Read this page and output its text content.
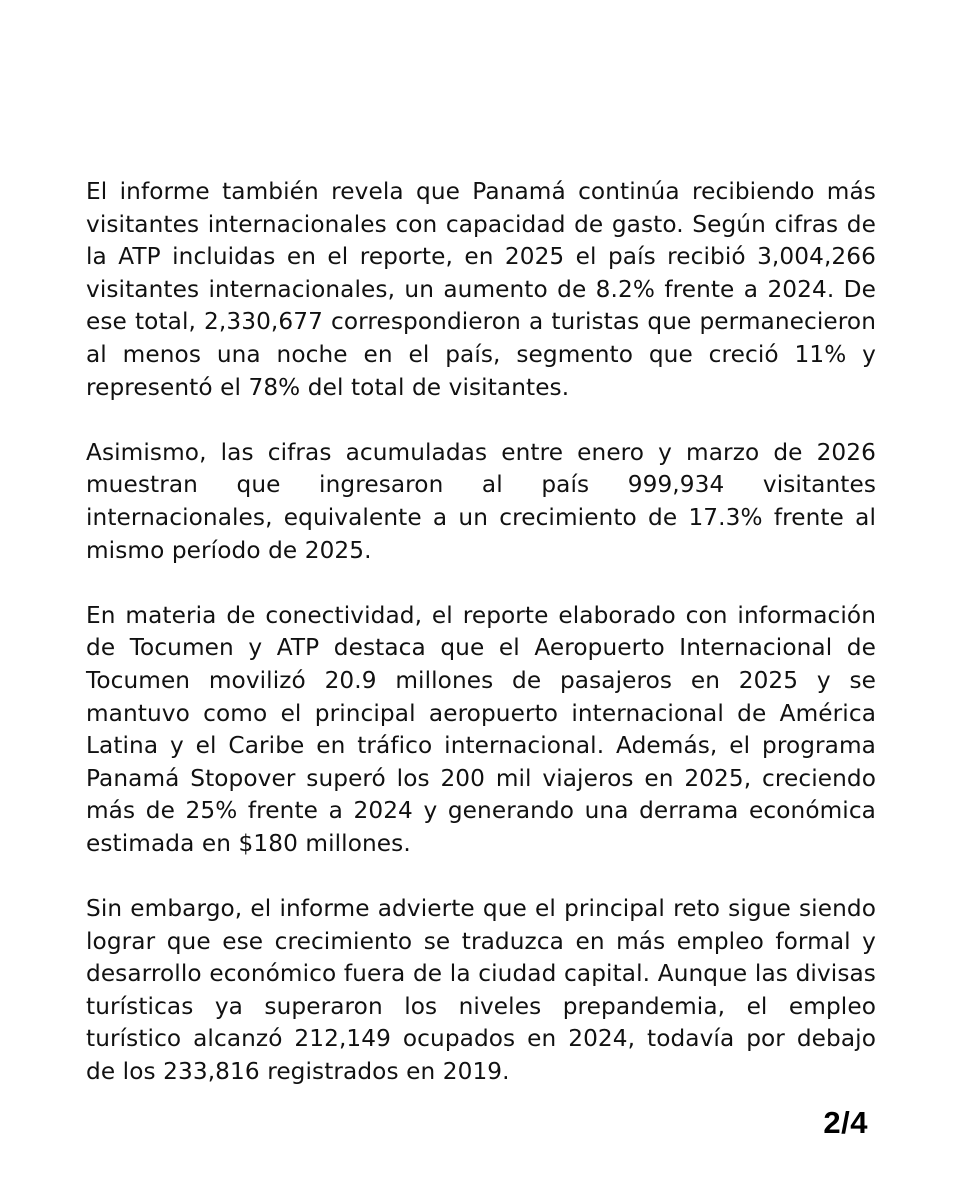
El informe también revela que Panamá continúa recibiendo más visitantes internacionales con capacidad de gasto. Según cifras de la ATP incluidas en el reporte, en 2025 el país recibió 3,004,266 visitantes internacionales, un aumento de 8.2% frente a 2024. De ese total, 2,330,677 correspondieron a turistas que permanecieron al menos una noche en el país, segmento que creció 11% y representó el 78% del total de visitantes.

Asimismo, las cifras acumuladas entre enero y marzo de 2026 muestran que ingresaron al país 999,934 visitantes internacionales, equivalente a un crecimiento de 17.3% frente al mismo período de 2025.

En materia de conectividad, el reporte elaborado con información de Tocumen y ATP destaca que el Aeropuerto Internacional de Tocumen movilizó 20.9 millones de pasajeros en 2025 y se mantuvo como el principal aeropuerto internacional de América Latina y el Caribe en tráfico internacional. Además, el programa Panamá Stopover superó los 200 mil viajeros en 2025, creciendo más de 25% frente a 2024 y generando una derrama económica estimada en $180 millones.

Sin embargo, el informe advierte que el principal reto sigue siendo lograr que ese crecimiento se traduzca en más empleo formal y desarrollo económico fuera de la ciudad capital. Aunque las divisas turísticas ya superaron los niveles prepandemia, el empleo turístico alcanzó 212,149 ocupados en 2024, todavía por debajo de los 233,816 registrados en 2019.

2/4
